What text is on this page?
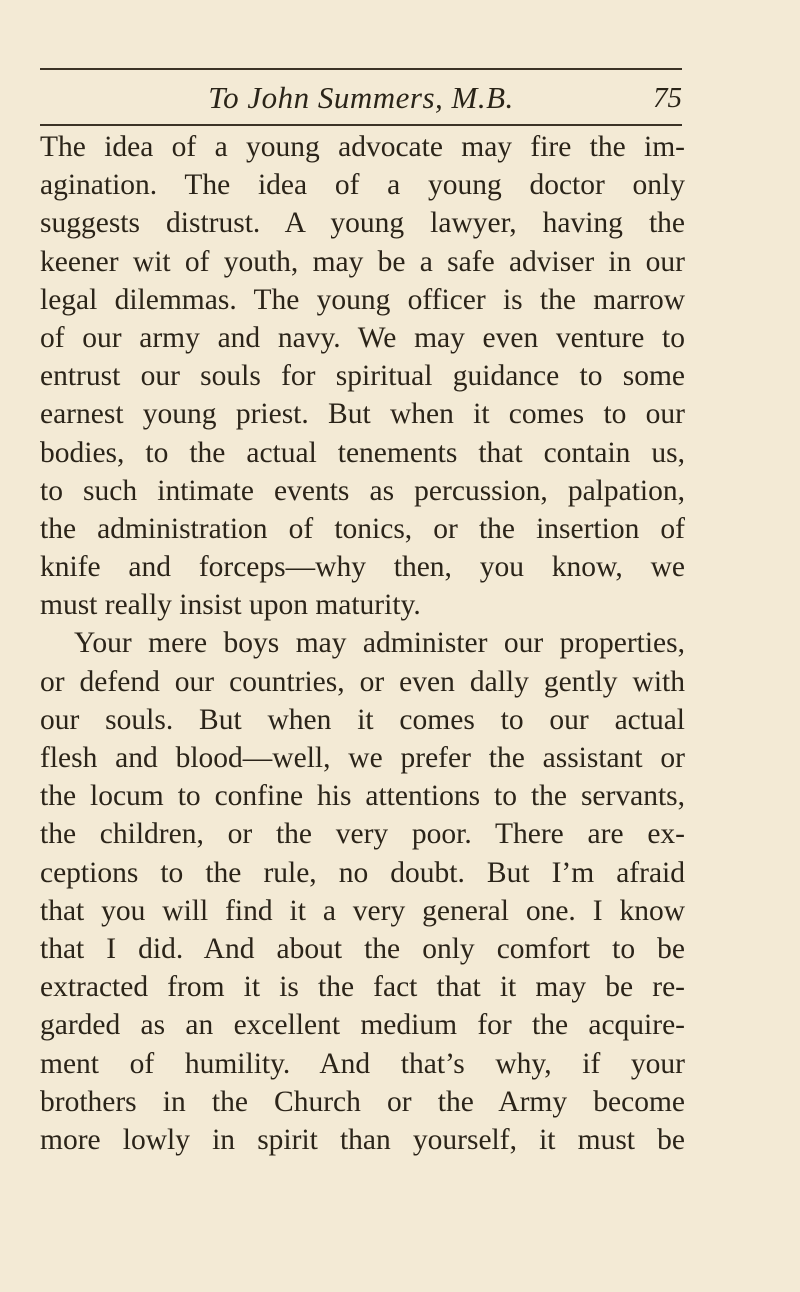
To John Summers, M.B.	75
The idea of a young advocate may fire the im-
agination. The idea of a young doctor only
suggests distrust. A young lawyer, having the
keener wit of youth, may be a safe adviser in our
legal dilemmas. The young officer is the marrow
of our army and navy. We may even venture to
entrust our souls for spiritual guidance to some
earnest young priest. But when it comes to our
bodies, to the actual tenements that contain us,
to such intimate events as percussion, palpation,
the administration of tonics, or the insertion of
knife and forceps—why then, you know, we
must really insist upon maturity.
Your mere boys may administer our properties,
or defend our countries, or even dally gently with
our souls. But when it comes to our actual
flesh and blood—well, we prefer the assistant or
the locum to confine his attentions to the servants,
the children, or the very poor. There are ex-
ceptions to the rule, no doubt. But I’m afraid
that you will find it a very general one. I know
that I did. And about the only comfort to be
extracted from it is the fact that it may be re-
garded as an excellent medium for the acquire-
ment of humility. And that’s why, if your
brothers in the Church or the Army become
more lowly in spirit than yourself, it must be
